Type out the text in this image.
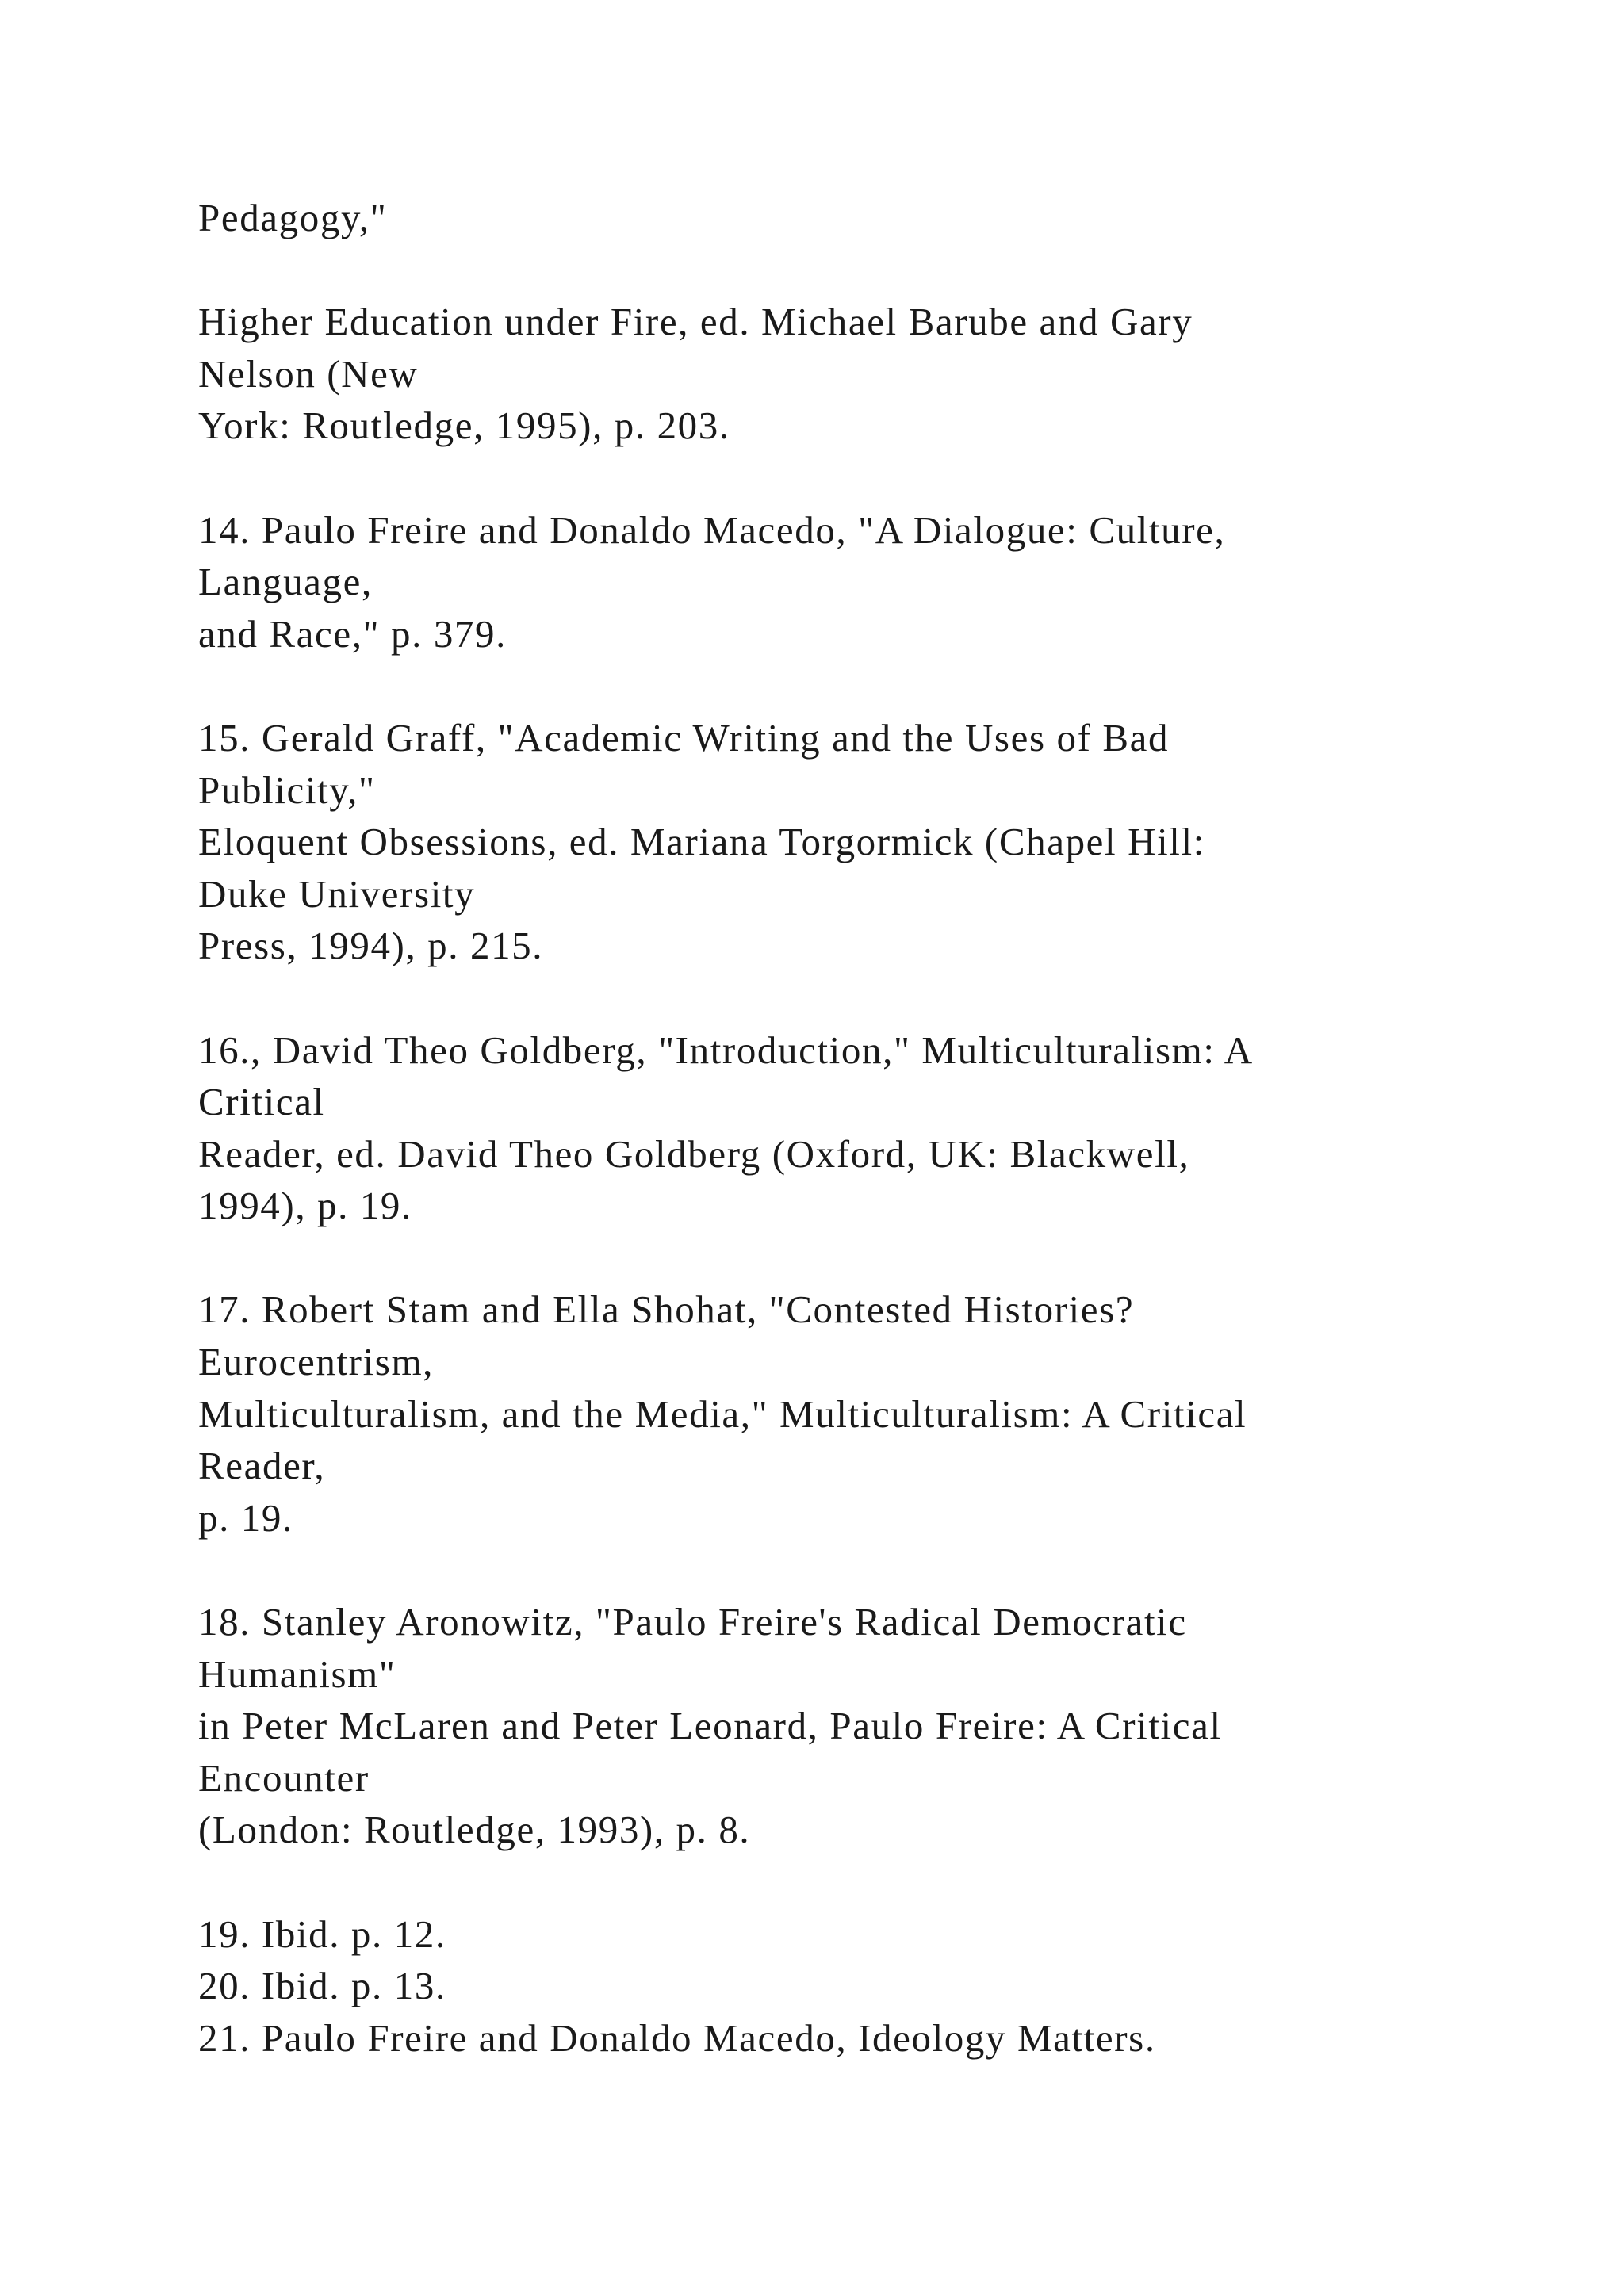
Pedagogy,"
Higher Education under Fire, ed. Michael Barube and Gary
Nelson (New
York: Routledge, 1995), p. 203.
14. Paulo Freire and Donaldo Macedo, "A Dialogue: Culture,
Language,
and Race," p. 379.
15. Gerald Graff, "Academic Writing and the Uses of Bad
Publicity,"
Eloquent Obsessions, ed. Mariana Torgormick (Chapel Hill:
Duke University
Press, 1994), p. 215.
16., David Theo Goldberg, "Introduction," Multiculturalism: A
Critical
Reader, ed. David Theo Goldberg (Oxford, UK: Blackwell,
1994), p. 19.
17. Robert Stam and Ella Shohat, "Contested Histories?
Eurocentrism,
Multiculturalism, and the Media," Multiculturalism: A Critical
Reader,
p. 19.
18. Stanley Aronowitz, "Paulo Freire's Radical Democratic
Humanism"
in Peter McLaren and Peter Leonard, Paulo Freire: A Critical
Encounter
(London: Routledge, 1993), p. 8.
19. Ibid. p. 12.
20. Ibid. p. 13.
21. Paulo Freire and Donaldo Macedo, Ideology Matters.
